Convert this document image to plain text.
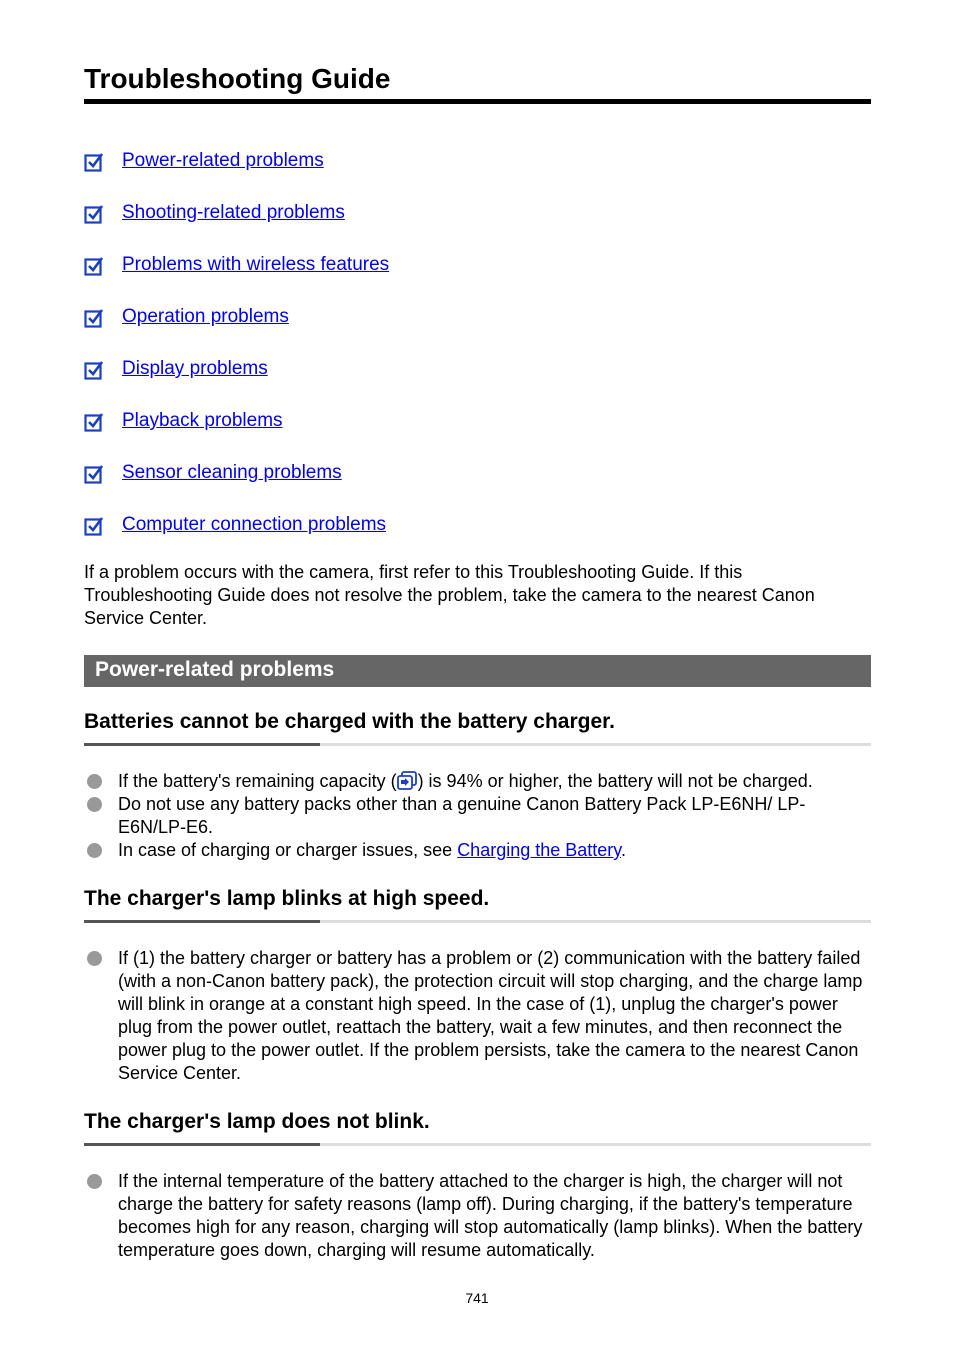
Troubleshooting Guide
Power-related problems
Shooting-related problems
Problems with wireless features
Operation problems
Display problems
Playback problems
Sensor cleaning problems
Computer connection problems

If a problem occurs with the camera, first refer to this Troubleshooting Guide. If this Troubleshooting Guide does not resolve the problem, take the camera to the nearest Canon Service Center.

Power-related problems
Batteries cannot be charged with the battery charger.
If the battery's remaining capacity ( ) is 94% or higher, the battery will not be charged.
Do not use any battery packs other than a genuine Canon Battery Pack LP-E6NH/ LP-E6N/LP-E6.
In case of charging or charger issues, see Charging the Battery.
The charger's lamp blinks at high speed.
If (1) the battery charger or battery has a problem or (2) communication with the battery failed (with a non-Canon battery pack), the protection circuit will stop charging, and the charge lamp will blink in orange at a constant high speed. In the case of (1), unplug the charger's power plug from the power outlet, reattach the battery, wait a few minutes, and then reconnect the power plug to the power outlet. If the problem persists, take the camera to the nearest Canon Service Center.
The charger's lamp does not blink.
If the internal temperature of the battery attached to the charger is high, the charger will not charge the battery for safety reasons (lamp off). During charging, if the battery's temperature becomes high for any reason, charging will stop automatically (lamp blinks). When the battery temperature goes down, charging will resume automatically.
741
